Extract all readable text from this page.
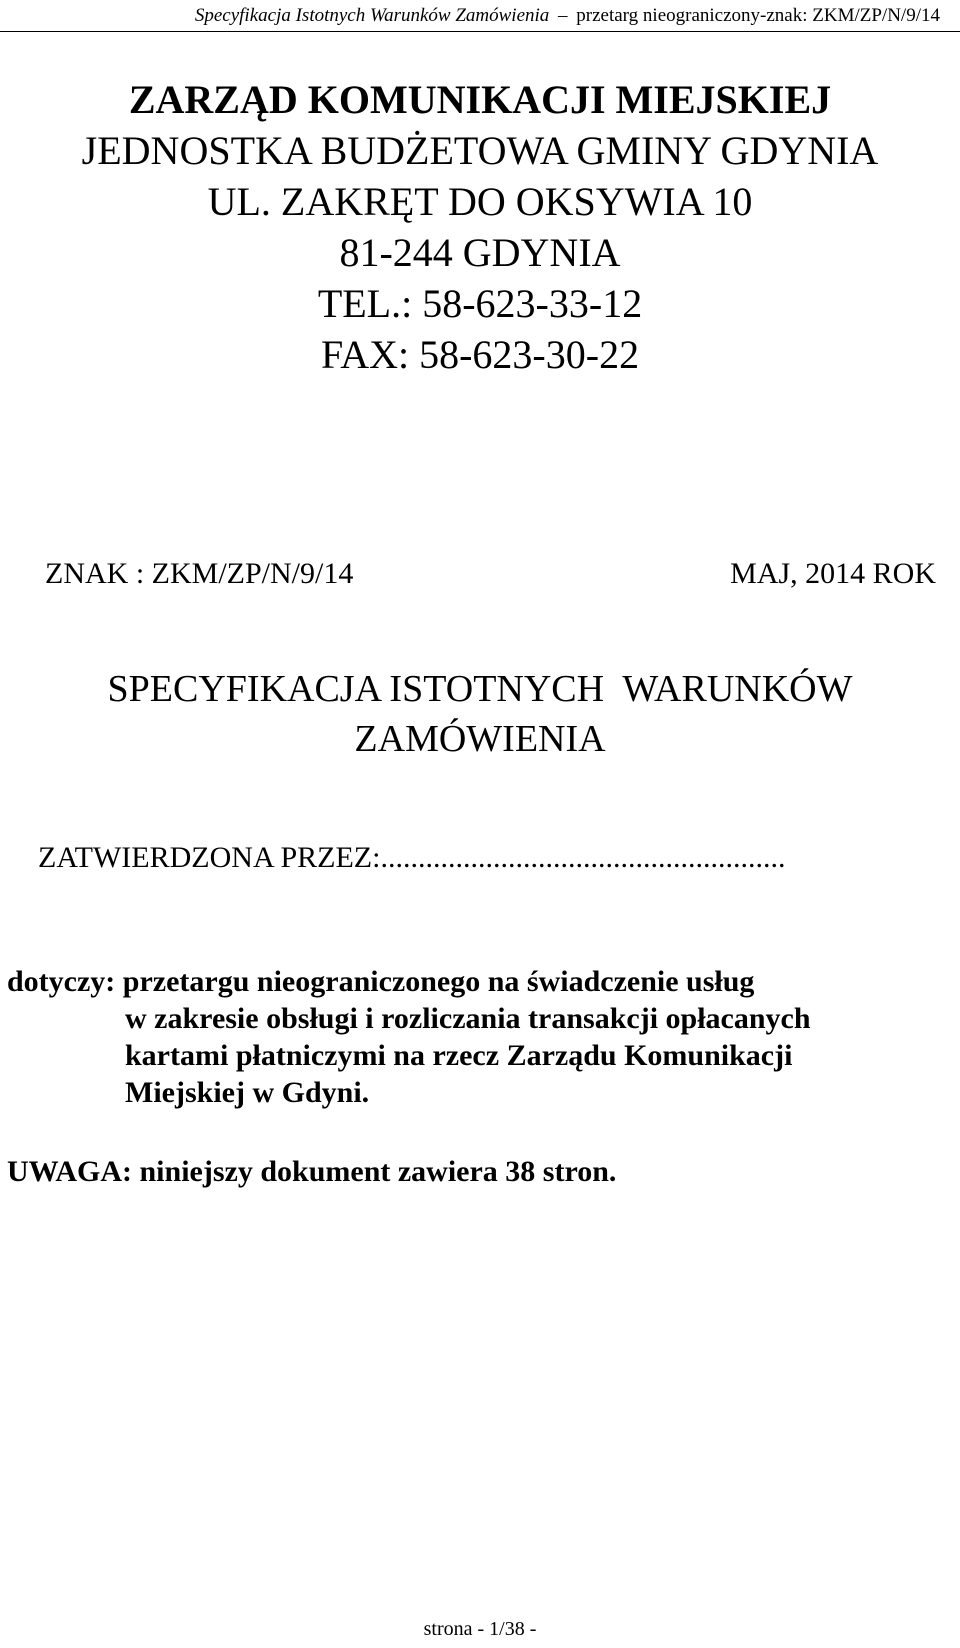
Specyfikacja Istotnych Warunków Zamówienia – przetarg nieograniczony-znak: ZKM/ZP/N/9/14
ZARZĄD KOMUNIKACJI MIEJSKIEJ
JEDNOSTKA BUDŻETOWA GMINY GDYNIA
UL. ZAKRĘT DO OKSYWIA 10
81-244 GDYNIA
TEL.: 58-623-33-12
FAX: 58-623-30-22
ZNAK : ZKM/ZP/N/9/14	MAJ, 2014 ROK
SPECYFIKACJA ISTOTNYCH  WARUNKÓW
ZAMÓWIENIA
ZATWIERDZONA PRZEZ:......................................................
dotyczy: przetargu nieograniczonego na świadczenie usług
w zakresie obsługi i rozliczania transakcji opłacanych
kartami płatniczymi na rzecz Zarządu Komunikacji
Miejskiej w Gdyni.
UWAGA: niniejszy dokument zawiera 38 stron.
strona - 1/38 -
